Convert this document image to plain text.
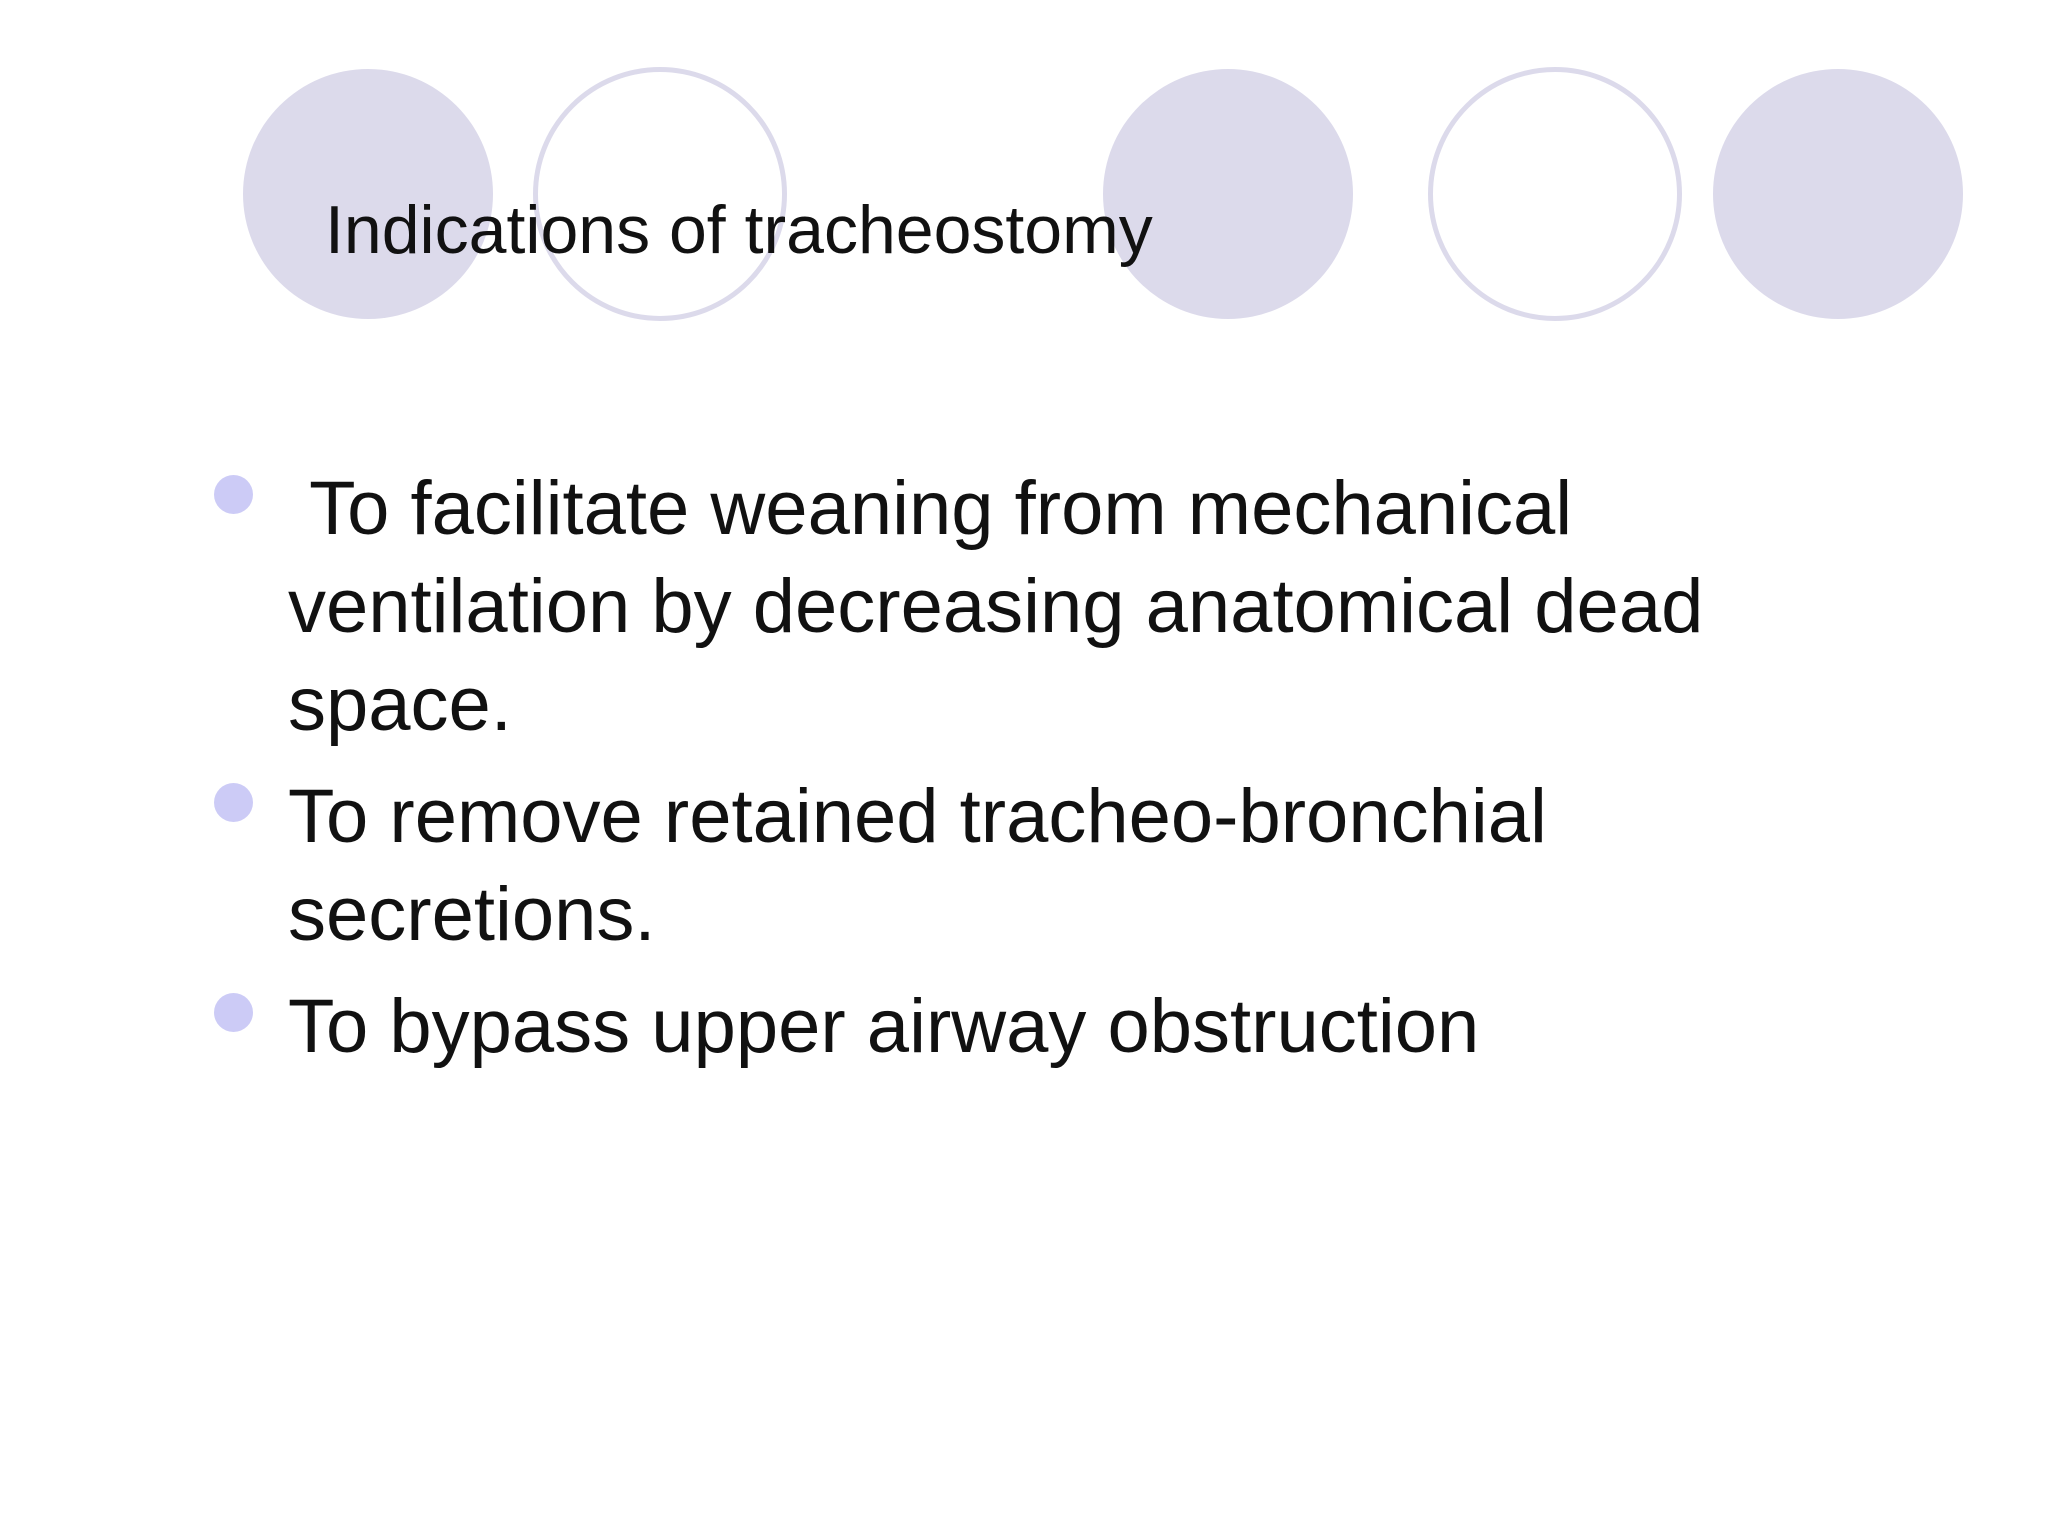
Indications of tracheostomy
To facilitate weaning from mechanical ventilation by decreasing anatomical dead space.
To remove retained tracheo-bronchial secretions.
To bypass upper airway obstruction
